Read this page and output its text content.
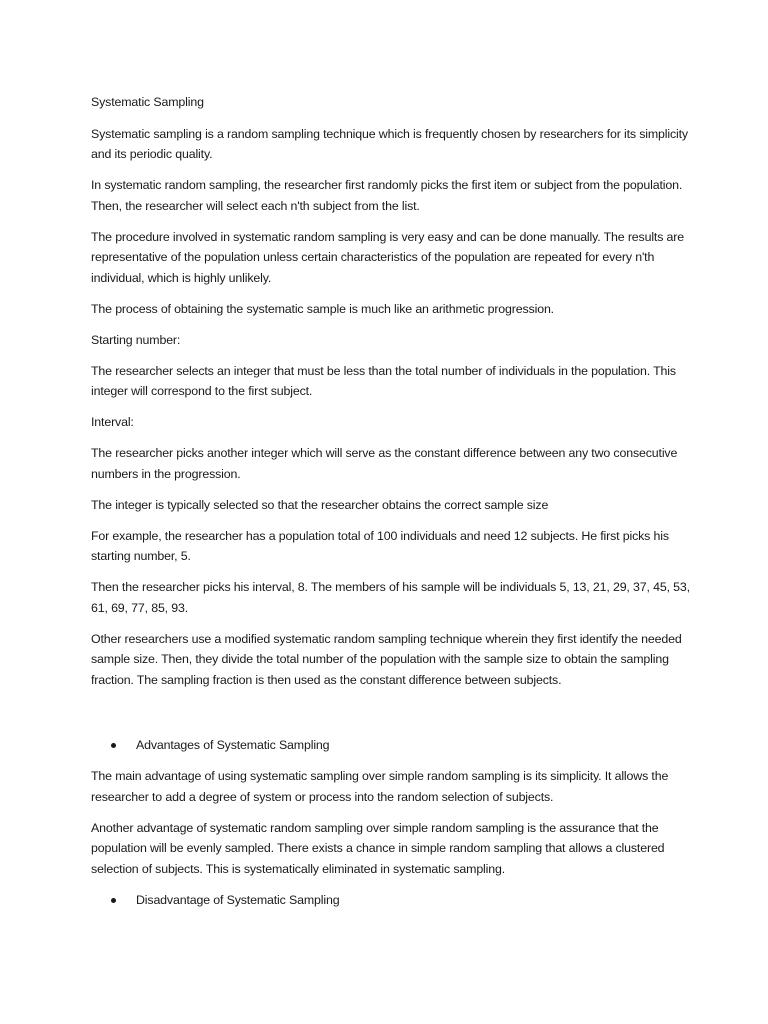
Systematic Sampling

Systematic sampling is a random sampling technique which is frequently chosen by researchers for its simplicity and its periodic quality.

In systematic random sampling, the researcher first randomly picks the first item or subject from the population. Then, the researcher will select each n'th subject from the list.

The procedure involved in systematic random sampling is very easy and can be done manually. The results are representative of the population unless certain characteristics of the population are repeated for every n'th individual, which is highly unlikely.

The process of obtaining the systematic sample is much like an arithmetic progression.

Starting number:

The researcher selects an integer that must be less than the total number of individuals in the population. This integer will correspond to the first subject.

Interval:

The researcher picks another integer which will serve as the constant difference between any two consecutive numbers in the progression.

The integer is typically selected so that the researcher obtains the correct sample size

For example, the researcher has a population total of 100 individuals and need 12 subjects. He first picks his starting number, 5.

Then the researcher picks his interval, 8. The members of his sample will be individuals 5, 13, 21, 29, 37, 45, 53, 61, 69, 77, 85, 93.

Other researchers use a modified systematic random sampling technique wherein they first identify the needed sample size. Then, they divide the total number of the population with the sample size to obtain the sampling fraction. The sampling fraction is then used as the constant difference between subjects.

Advantages of Systematic Sampling

The main advantage of using systematic sampling over simple random sampling is its simplicity. It allows the researcher to add a degree of system or process into the random selection of subjects.

Another advantage of systematic random sampling over simple random sampling is the assurance that the population will be evenly sampled. There exists a chance in simple random sampling that allows a clustered selection of subjects. This is systematically eliminated in systematic sampling.

Disadvantage of Systematic Sampling
